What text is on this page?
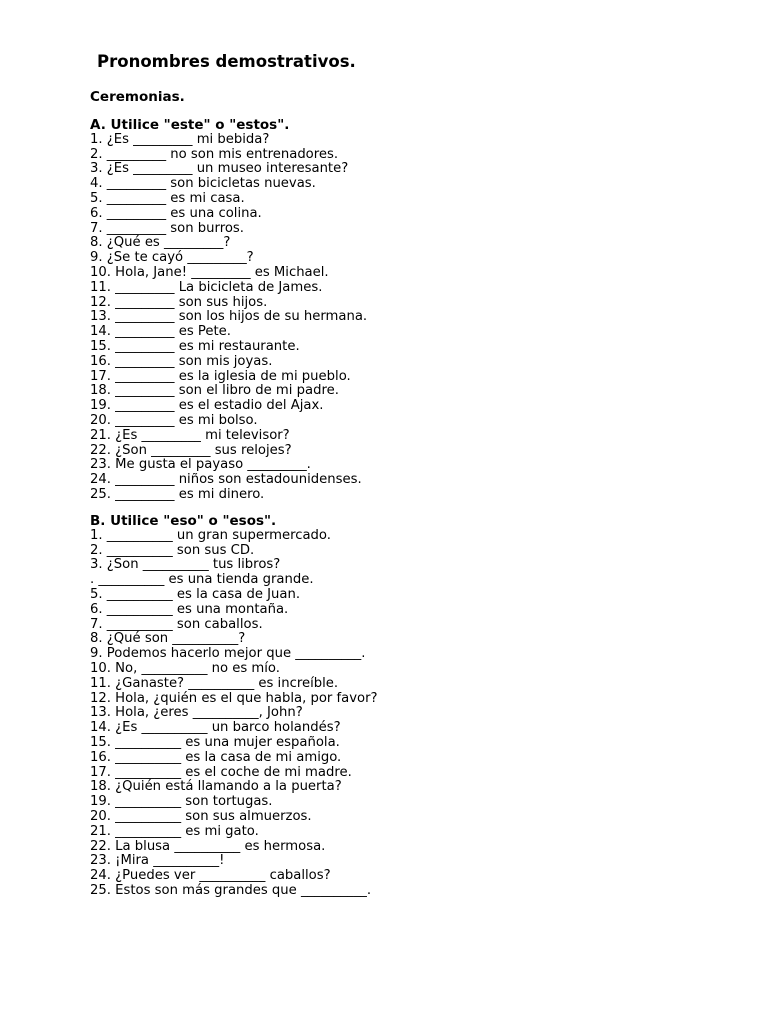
Pronombres demostrativos.
Ceremonias.
A. Utilice "este" o "estos".
1. ¿Es _________ mi bebida?
2. _________ no son mis entrenadores.
3. ¿Es _________ un museo interesante?
4. _________ son bicicletas nuevas.
5. _________ es mi casa.
6. _________ es una colina.
7. _________ son burros.
8. ¿Qué es _________?
9. ¿Se te cayó _________?
10. Hola, Jane! _________ es Michael.
11. _________ La bicicleta de James.
12. _________ son sus hijos.
13. _________ son los hijos de su hermana.
14. _________ es Pete.
15. _________ es mi restaurante.
16. _________ son mis joyas.
17. _________ es la iglesia de mi pueblo.
18. _________ son el libro de mi padre.
19. _________ es el estadio del Ajax.
20. _________ es mi bolso.
21. ¿Es _________ mi televisor?
22. ¿Son _________ sus relojes?
23. Me gusta el payaso _________.
24. _________ niños son estadounidenses.
25. _________ es mi dinero.
B. Utilice "eso" o "esos".
1. __________ un gran supermercado.
2. __________ son sus CD.
3. ¿Son __________ tus libros?
. __________ es una tienda grande.
5. __________ es la casa de Juan.
6. __________ es una montaña.
7. __________ son caballos.
8. ¿Qué son __________?
9. Podemos hacerlo mejor que __________.
10. No, __________ no es mío.
11. ¿Ganaste? __________ es increíble.
12. Hola, ¿quién es el que habla, por favor?
13. Hola, ¿eres __________, John?
14. ¿Es __________ un barco holandés?
15. __________ es una mujer española.
16. __________ es la casa de mi amigo.
17. __________ es el coche de mi madre.
18. ¿Quién está llamando a la puerta?
19. __________ son tortugas.
20. __________ son sus almuerzos.
21. __________ es mi gato.
22. La blusa __________ es hermosa.
23. ¡Mira __________!
24. ¿Puedes ver __________ caballos?
25. Estos son más grandes que __________.
